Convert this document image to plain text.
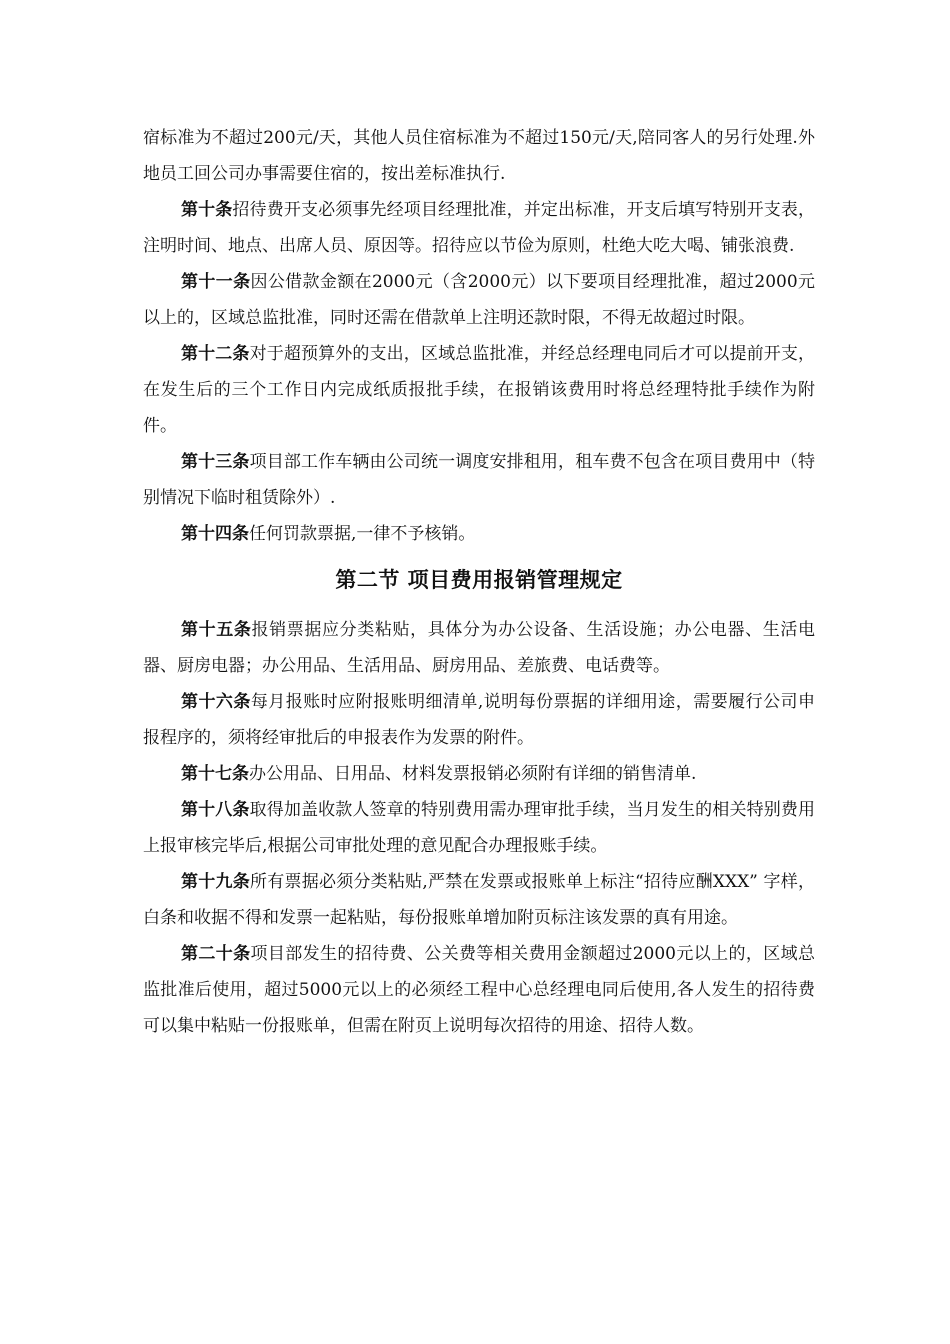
宿标准为不超过200元/天，其他人员住宿标准为不超过150元/天,陪同客人的另行处理.外地员工回公司办事需要住宿的，按出差标准执行.

第十条招待费开支必须事先经项目经理批准，并定出标准，开支后填写特别开支表，注明时间、地点、出席人员、原因等。招待应以节俭为原则，杜绝大吃大喝、铺张浪费.

第十一条因公借款金额在2000元（含2000元）以下要项目经理批准，超过2000元以上的，区域总监批准，同时还需在借款单上注明还款时限，不得无故超过时限。

第十二条对于超预算外的支出，区域总监批准，并经总经理电同后才可以提前开支，在发生后的三个工作日内完成纸质报批手续，在报销该费用时将总经理特批手续作为附件。

第十三条项目部工作车辆由公司统一调度安排租用，租车费不包含在项目费用中（特别情况下临时租赁除外）.

第十四条任何罚款票据,一律不予核销。

第二节 项目费用报销管理规定

第十五条报销票据应分类粘贴，具体分为办公设备、生活设施；办公电器、生活电器、厨房电器；办公用品、生活用品、厨房用品、差旅费、电话费等。

第十六条每月报账时应附报账明细清单,说明每份票据的详细用途，需要履行公司申报程序的，须将经审批后的申报表作为发票的附件。

第十七条办公用品、日用品、材料发票报销必须附有详细的销售清单.

第十八条取得加盖收款人签章的特别费用需办理审批手续，当月发生的相关特别费用上报审核完毕后,根据公司审批处理的意见配合办理报账手续。

第十九条所有票据必须分类粘贴,严禁在发票或报账单上标注“招待应酬XXX” 字样，白条和收据不得和发票一起粘贴，每份报账单增加附页标注该发票的真有用途。

第二十条项目部发生的招待费、公关费等相关费用金额超过2000元以上的，区域总监批准后使用，超过5000元以上的必须经工程中心总经理电同后使用,各人发生的招待费可以集中粘贴一份报账单，但需在附页上说明每次招待的用途、招待人数。
